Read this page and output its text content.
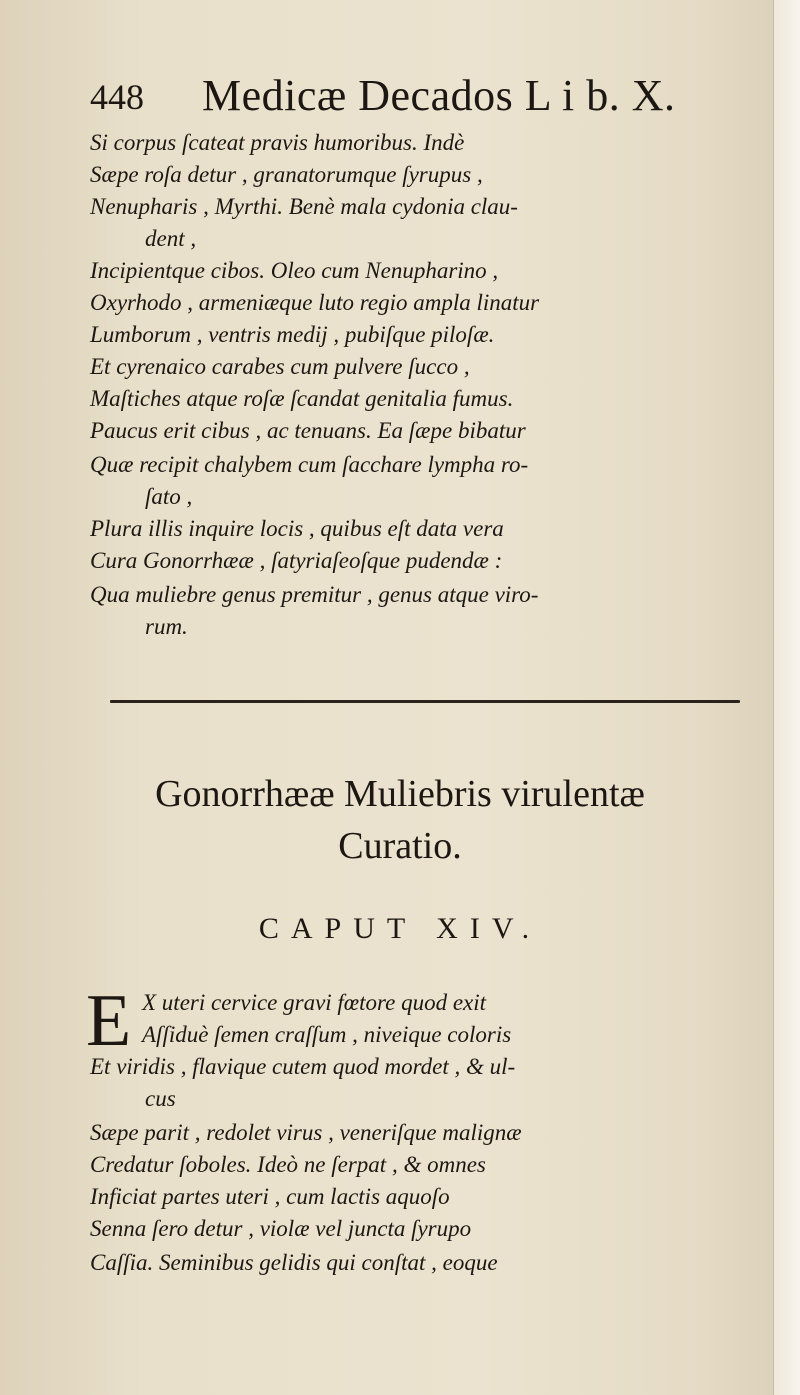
448 Medicæ Decados L i b. X.
Si corpus ſcateat pravis humoribus. Indè
Sæpe roſa detur , granatorumque ſyrupus ,
Nenupharis , Myrthi. Benè mala cydonia clau-
dent ,
Incipientque cibos. Oleo cum Nenupharino ,
Oxyrhodo , armeniæque luto regio ampla linatur
Lumborum , ventris medij , pubiſque piloſæ.
Et cyrenaico carabes cum pulvere ſucco ,
Maſtiches atque roſæ ſcandat genitalia fumus.
Paucus erit cibus , ac tenuans. Ea ſæpe bibatur
Quæ recipit chalybem cum ſacchare lympha ro-
ſato ,
Plura illis inquire locis , quibus eſt data vera
Cura Gonorrhææ , ſatyriaſeoſque pudendæ :
Qua muliebre genus premitur , genus atque viro-
rum.
Gonorrhææ Muliebris virulentæ
Curatio.
CAPUT XIV.
E X uteri cervice gravi fœtore quod exit
Aſſiduè ſemen craſſum , niveique coloris
Et viridis , flavique cutem quod mordet , & ul-
cus
Sæpe parit , redolet virus , veneriſque malignæ
Credatur ſoboles. Ideò ne ſerpat , & omnes
Inficiat partes uteri , cum lactis aquoſo
Senna ſero detur , violæ vel juncta ſyrupo
Caſſia. Seminibus gelidis qui conſtat , eoque
